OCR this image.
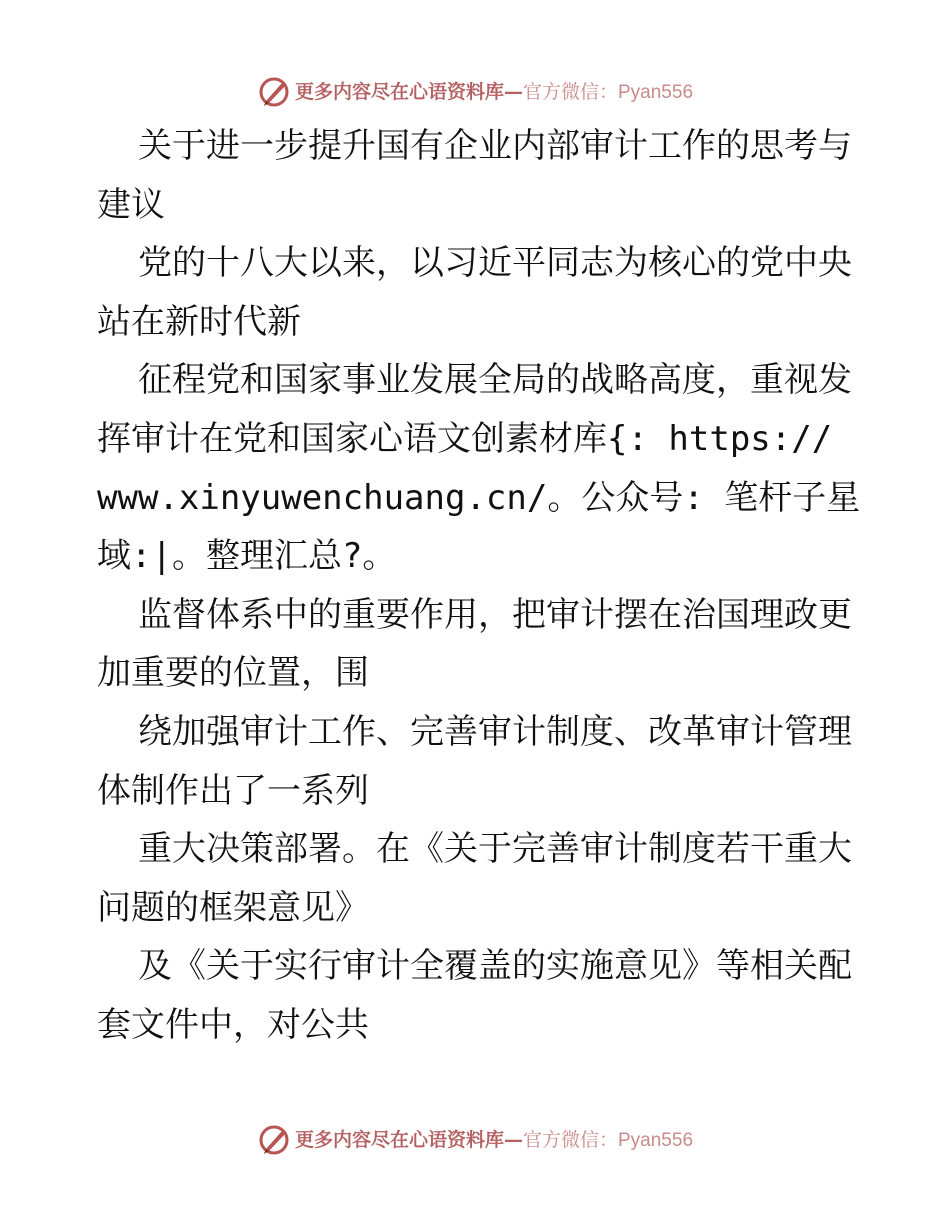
更多内容尽在心语资料库— 官方微信：Pyan556
关于进一步提升国有企业内部审计工作的思考与
建议
党的十八大以来，以习近平同志为核心的党中央
站在新时代新
征程党和国家事业发展全局的战略高度，重视发
挥审计在党和国家心语文创素材库{: https://
www.xinyuwenchuang.cn/。公众号: 笔杆子星
域:|。整理汇总?。
监督体系中的重要作用，把审计摆在治国理政更
加重要的位置，围
绕加强审计工作、完善审计制度、改革审计管理
体制作出了一系列
重大决策部署。在《关于完善审计制度若干重大
问题的框架意见》
及《关于实行审计全覆盖的实施意见》等相关配
套文件中，对公共
更多内容尽在心语资料库— 官方微信：Pyan556
